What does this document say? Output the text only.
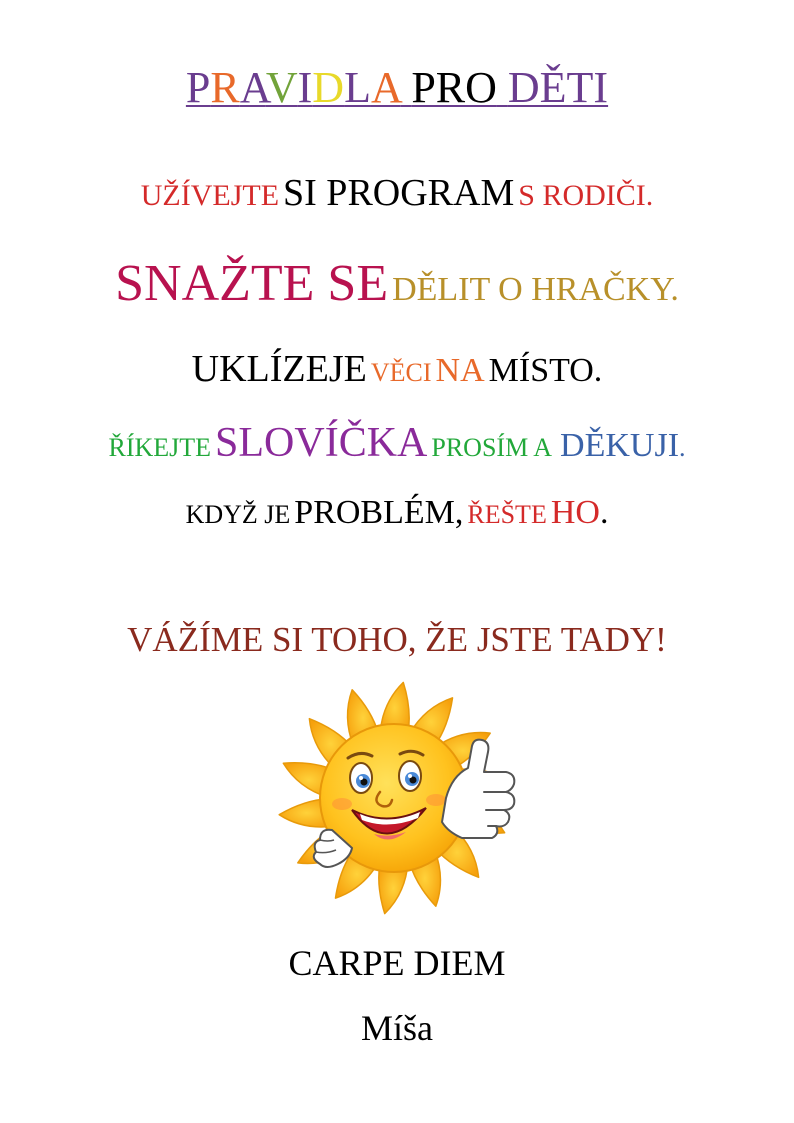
PRAVIDLA PRO DĚTI
UŽÍVEJTE SI PROGRAM S RODIČI.
SNAŽTE SE DĚLIT O HRAČKY.
UKLÍZEJE VĚCI NA MÍSTO.
ŘÍKEJTE SLOVÍČKA PROSÍM A DĚKUJI.
KDYŽ JE PROBLÉM, ŘEŠTE HO.
VÁŽÍME SI TOHO, ŽE JSTE TADY!
CARPE DIEM
Míša
